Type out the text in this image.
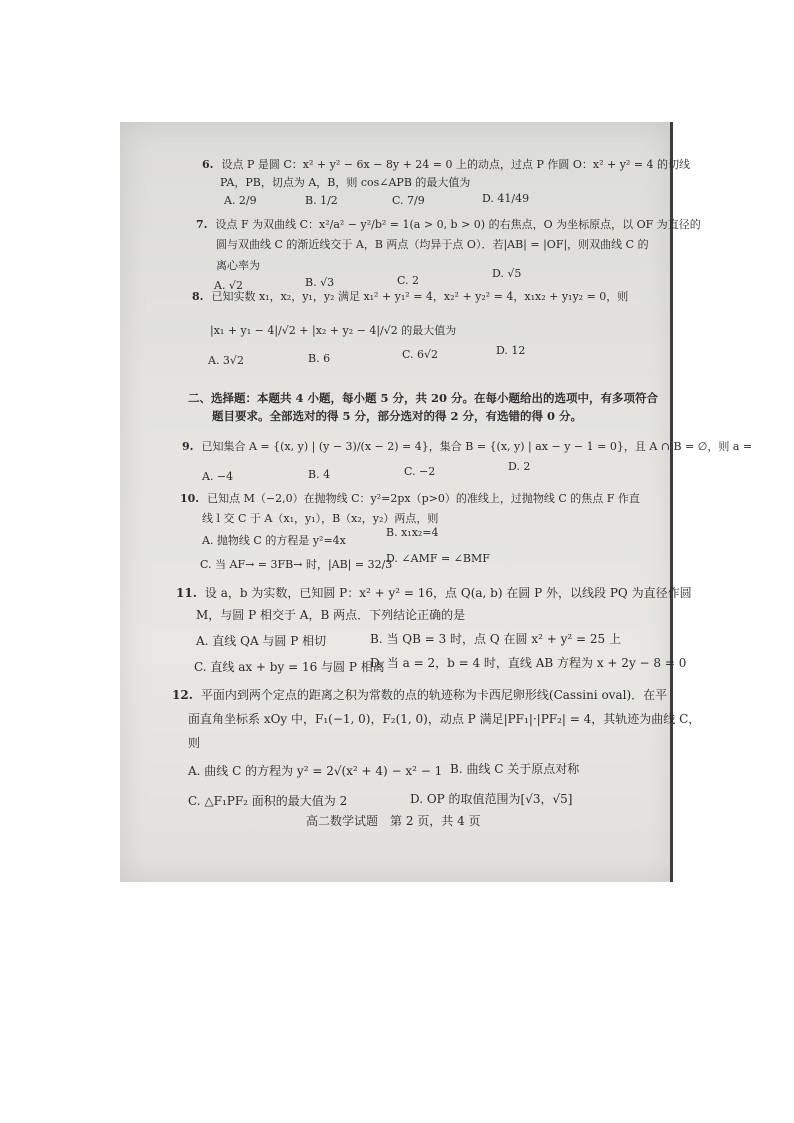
6. 设点 P 是圆 C：x² + y² − 6x − 8y + 24 = 0 上的动点，过点 P 作圆 O：x² + y² = 4 的切线
PA，PB，切点为 A，B，则 cos∠APB 的最大值为
A. 2/9	B. 1/2	C. 7/9	D. 41/49
7. 设点 F 为双曲线 C：x²/a² − y²/b² = 1(a > 0, b > 0) 的右焦点，O 为坐标原点，以 OF 为直径的
圆与双曲线 C 的渐近线交于 A，B 两点（均异于点 O）．若|AB| = |OF|，则双曲线 C 的
离心率为
A. √2	B. √3	C. 2
D. √5
8. 已知实数 x₁，x₂，y₁，y₂ 满足 x₁² + y₁² = 4，x₂² + y₂² = 4，x₁x₂ + y₁y₂ = 0，则
|x₁ + y₁ − 4|/√2 + |x₂ + y₂ − 4|/√2 的最大值为
A. 3√2	B. 6	C. 6√2	D. 12
二、选择题：本题共 4 小题，每小题 5 分，共 20 分。在每小题给出的选项中，有多项符合
题目要求。全部选对的得 5 分，部分选对的得 2 分，有选错的得 0 分。
9. 已知集合 A = {(x, y) | (y − 3)/(x − 2) = 4}，集合 B = {(x, y) | ax − y − 1 = 0}，且 A ∩ B = ∅，则 a =
A. −4	B. 4	C. −2	D. 2
10. 已知点 M（−2,0）在抛物线 C：y²=2px（p>0）的准线上，过抛物线 C 的焦点 F 作直
线 l 交 C 于 A（x₁，y₁），B（x₂，y₂）两点，则
A. 抛物线 C 的方程是 y²=4x
B. x₁x₂=4
C. 当 AF→ = 3FB→ 时，|AB| = 32/3
D. ∠AMF = ∠BMF
11. 设 a，b 为实数，已知圆 P：x² + y² = 16，点 Q(a, b) 在圆 P 外，以线段 PQ 为直径作圆
M，与圆 P 相交于 A，B 两点．下列结论正确的是
A. 直线 QA 与圆 P 相切	B. 当 QB = 3 时，点 Q 在圆 x² + y² = 25 上
C. 直线 ax + by = 16 与圆 P 相离
D. 当 a = 2，b = 4 时，直线 AB 方程为 x + 2y − 8 = 0
12. 平面内到两个定点的距离之积为常数的点的轨迹称为卡西尼卵形线(Cassini oval)．在平
面直角坐标系 xOy 中，F₁(−1, 0)，F₂(1, 0)，动点 P 满足|PF₁|·|PF₂| = 4，其轨迹为曲线 C，
则
A. 曲线 C 的方程为 y² = 2√(x² + 4) − x² − 1 B. 曲线 C 关于原点对称
C. △F₁PF₂ 面积的最大值为 2	D. OP 的取值范围为[√3，√5]
高二数学试题　第 2 页，共 4 页
